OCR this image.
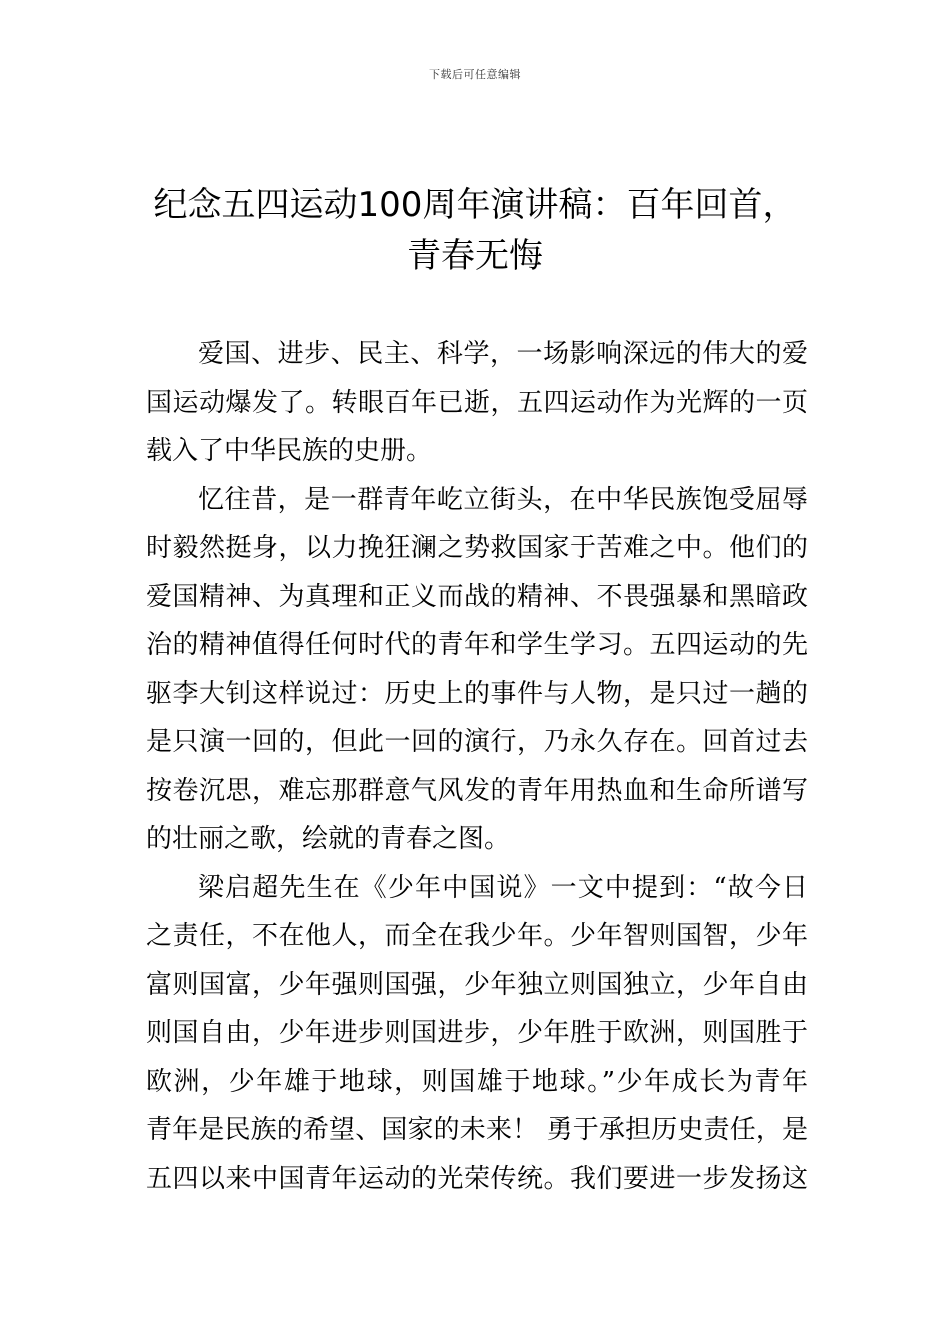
下载后可任意编辑
纪念五四运动100周年演讲稿：百年回首，
青春无悔
爱国、进步、民主、科学，一场影响深远的伟大的爱
国运动爆发了。转眼百年已逝，五四运动作为光辉的一页
载入了中华民族的史册。
忆往昔，是一群青年屹立街头，在中华民族饱受屈辱
时毅然挺身，以力挽狂澜之势救国家于苦难之中。他们的
爱国精神、为真理和正义而战的精神、不畏强暴和黑暗政
治的精神值得任何时代的青年和学生学习。五四运动的先
驱李大钊这样说过：历史上的事件与人物，是只过一趟的
是只演一回的，但此一回的演行，乃永久存在。回首过去
按卷沉思，难忘那群意气风发的青年用热血和生命所谱写
的壮丽之歌，绘就的青春之图。
梁启超先生在《少年中国说》一文中提到：“故今日
之责任，不在他人，而全在我少年。少年智则国智，少年
富则国富，少年强则国强，少年独立则国独立，少年自由
则国自由，少年进步则国进步，少年胜于欧洲，则国胜于
欧洲，少年雄于地球，则国雄于地球。”少年成长为青年
青年是民族的希望、国家的未来！ 勇于承担历史责任，是
五四以来中国青年运动的光荣传统。我们要进一步发扬这
